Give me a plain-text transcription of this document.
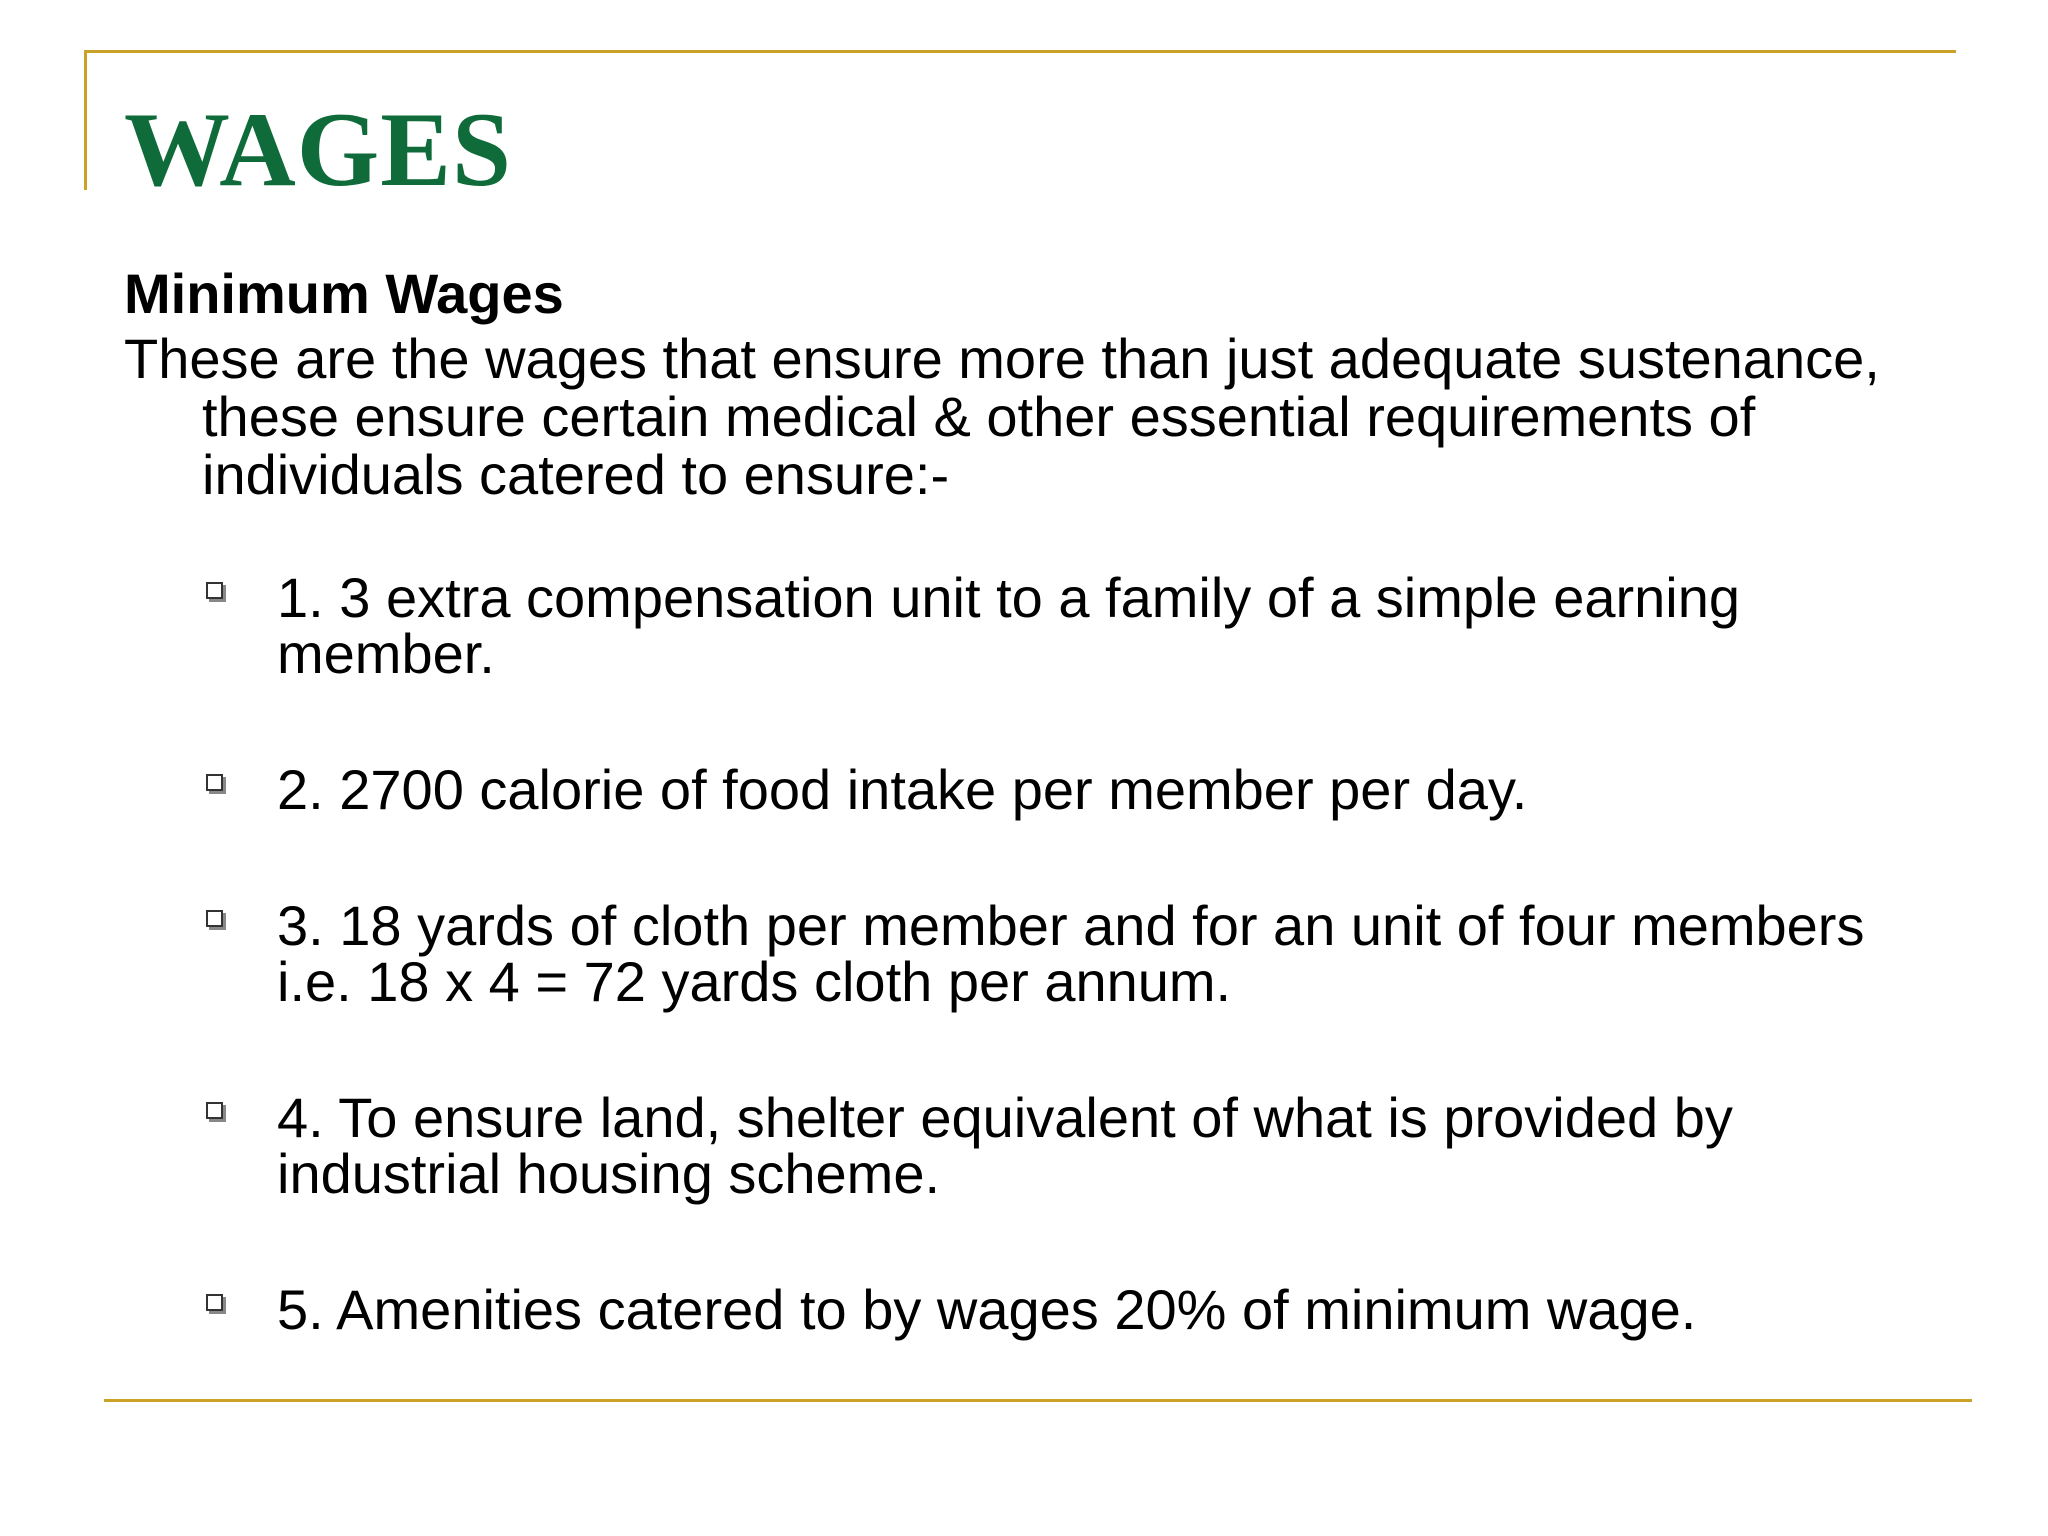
WAGES

Minimum Wages

These are the wages that ensure more than just adequate sustenance, these ensure certain medical & other essential requirements of individuals catered to ensure:-

1. 3 extra compensation unit to a family of a simple earning member.
2. 2700 calorie of food intake per member per day.
3. 18 yards of cloth per member and for an unit of four members i.e. 18 x 4 = 72 yards cloth per annum.
4. To ensure land, shelter equivalent of what is provided by industrial housing scheme.
5. Amenities catered to by wages 20% of minimum wage.
